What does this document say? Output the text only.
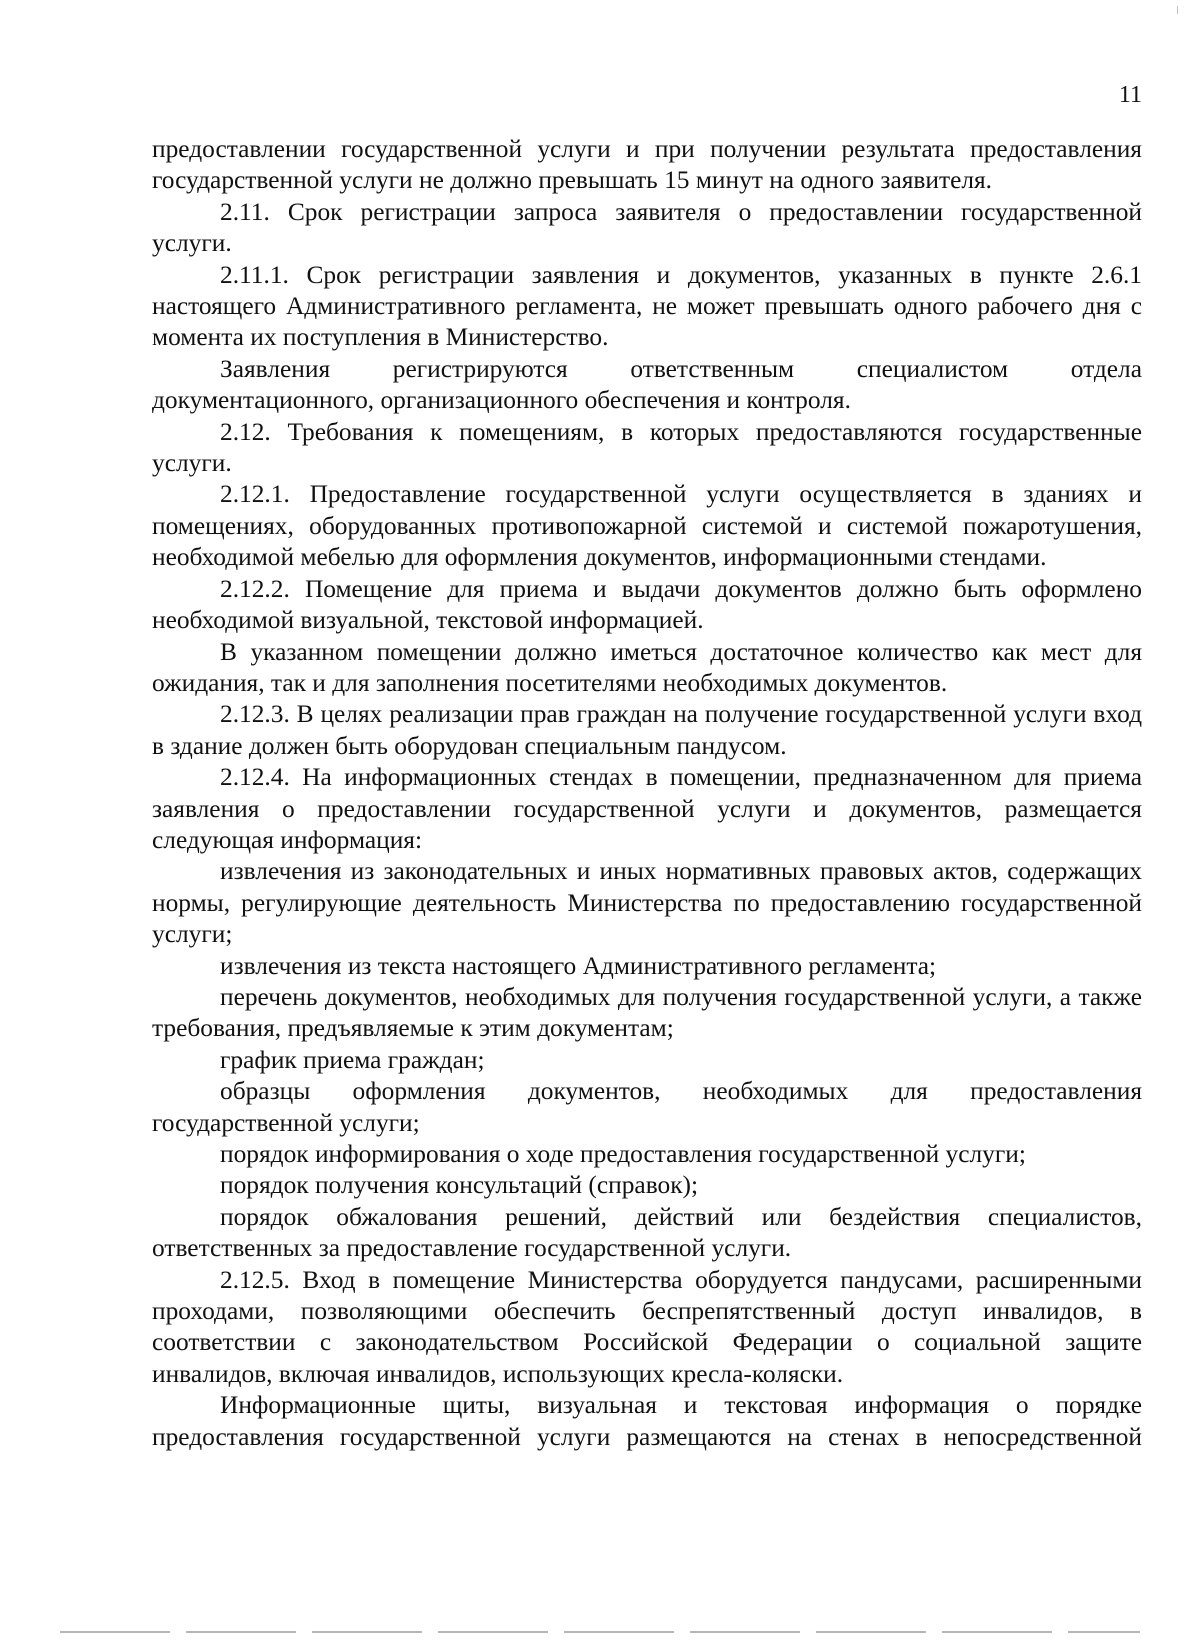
11

предоставлении государственной услуги и при получении результата предоставления государственной услуги не должно превышать 15 минут на одного заявителя.

2.11. Срок регистрации запроса заявителя о предоставлении государственной услуги.

2.11.1. Срок регистрации заявления и документов, указанных в пункте 2.6.1 настоящего Административного регламента, не может превышать одного рабочего дня с момента их поступления в Министерство.

Заявления регистрируются ответственным специалистом отдела документационного, организационного обеспечения и контроля.

2.12. Требования к помещениям, в которых предоставляются государственные услуги.

2.12.1. Предоставление государственной услуги осуществляется в зданиях и помещениях, оборудованных противопожарной системой и системой пожаротушения, необходимой мебелью для оформления документов, информационными стендами.

2.12.2. Помещение для приема и выдачи документов должно быть оформлено необходимой визуальной, текстовой информацией.

В указанном помещении должно иметься достаточное количество как мест для ожидания, так и для заполнения посетителями необходимых документов.

2.12.3. В целях реализации прав граждан на получение государственной услуги вход в здание должен быть оборудован специальным пандусом.

2.12.4. На информационных стендах в помещении, предназначенном для приема заявления о предоставлении государственной услуги и документов, размещается следующая информация:

извлечения из законодательных и иных нормативных правовых актов, содержащих нормы, регулирующие деятельность Министерства по предоставлению государственной услуги;

извлечения из текста настоящего Административного регламента;

перечень документов, необходимых для получения государственной услуги, а также требования, предъявляемые к этим документам;

график приема граждан;

образцы оформления документов, необходимых для предоставления государственной услуги;

порядок информирования о ходе предоставления государственной услуги;

порядок получения консультаций (справок);

порядок обжалования решений, действий или бездействия специалистов, ответственных за предоставление государственной услуги.

2.12.5. Вход в помещение Министерства оборудуется пандусами, расширенными проходами, позволяющими обеспечить беспрепятственный доступ инвалидов, в соответствии с законодательством Российской Федерации о социальной защите инвалидов, включая инвалидов, использующих кресла-коляски.

Информационные щиты, визуальная и текстовая информация о порядке предоставления государственной услуги размещаются на стенах в непосредственной
